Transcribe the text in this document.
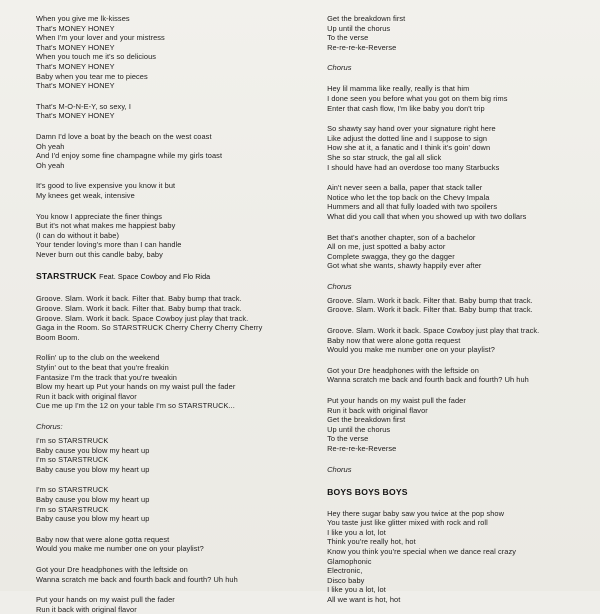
When you give me lk-kisses
That's MONEY HONEY
When I'm your lover and your mistress
That's MONEY HONEY
When you touch me it's so delicious
That's MONEY HONEY
Baby when you tear me to pieces
That's MONEY HONEY
That's M-O-N-E-Y, so sexy, I
That's MONEY HONEY
Damn I'd love a boat by the beach on the west coast
Oh yeah
And I'd enjoy some fine champagne while my girls toast
Oh yeah
It's good to live expensive you know it but
My knees get weak, intensive
You know I appreciate the finer things
But it's not what makes me happiest baby
(I can do without it babe)
Your tender loving's more than I can handle
Never burn out this candle baby, baby
STARSTRUCK Feat. Space Cowboy and Flo Rida
Groove. Slam. Work it back. Filter that. Baby bump that track.
Groove. Slam. Work it back. Filter that. Baby bump that track.
Groove. Slam. Work it back. Space Cowboy just play that track.
Gaga in the Room. So STARSTRUCK Cherry Cherry Cherry Cherry
Boom Boom.
Rollin' up to the club on the weekend
Stylin' out to the beat that you're freakin
Fantasize I'm the track that you're tweakin
Blow my heart up Put your hands on my waist pull the fader
Run it back with original flavor
Cue me up I'm the 12 on your table I'm so STARSTRUCK...
Chorus:
I'm so STARSTRUCK
Baby cause you blow my heart up
I'm so STARSTRUCK
Baby cause you blow my heart up
I'm so STARSTRUCK
Baby cause you blow my heart up
I'm so STARSTRUCK
Baby cause you blow my heart up
Baby now that were alone gotta request
Would you make me number one on your playlist?
Got your Dre headphones with the leftside on
Wanna scratch me back and fourth back and fourth? Uh huh
Put your hands on my waist pull the fader
Run it back with original flavor
Get the breakdown first
Up until the chorus
To the verse
Re-re-re-ke-Reverse
Chorus
Hey lil mamma like really, really is that him
I done seen you before what you got on them big rims
Enter that cash flow, I'm like baby you don't trip
So shawty say hand over your signature right here
Like adjust the dotted line and I suppose to sign
How she at it, a fanatic and I think it's goin' down
She so star struck, the gal all slick
I should have had an overdose too many Starbucks
Ain't never seen a balla, paper that stack taller
Notice who let the top back on the Chevy Impala
Hummers and all that fully loaded with two spoilers
What did you call that when you showed up with two dollars
Bet that's another chapter, son of a bachelor
All on me, just spotted a baby actor
Complete swagga, they go the dagger
Got what she wants, shawty happily ever after
Chorus
Groove. Slam. Work it back. Filter that. Baby bump that track.
Groove. Slam. Work it back. Filter that. Baby bump that track.
Groove. Slam. Work it back. Space Cowboy just play that track.
Baby now that were alone gotta request
Would you make me number one on your playlist?
Got your Dre headphones with the leftside on
Wanna scratch me back and fourth back and fourth? Uh huh
Put your hands on my waist pull the fader
Run it back with original flavor
Get the breakdown first
Up until the chorus
To the verse
Re-re-re-ke-Reverse
Chorus
BOYS BOYS BOYS
Hey there sugar baby saw you twice at the pop show
You taste just like glitter mixed with rock and roll
I like you a lot, lot
Think you're really hot, hot
Know you think you're special when we dance real crazy
Glamophonic
Electronic,
Disco baby
I like you a lot, lot
All we want is hot, hot
